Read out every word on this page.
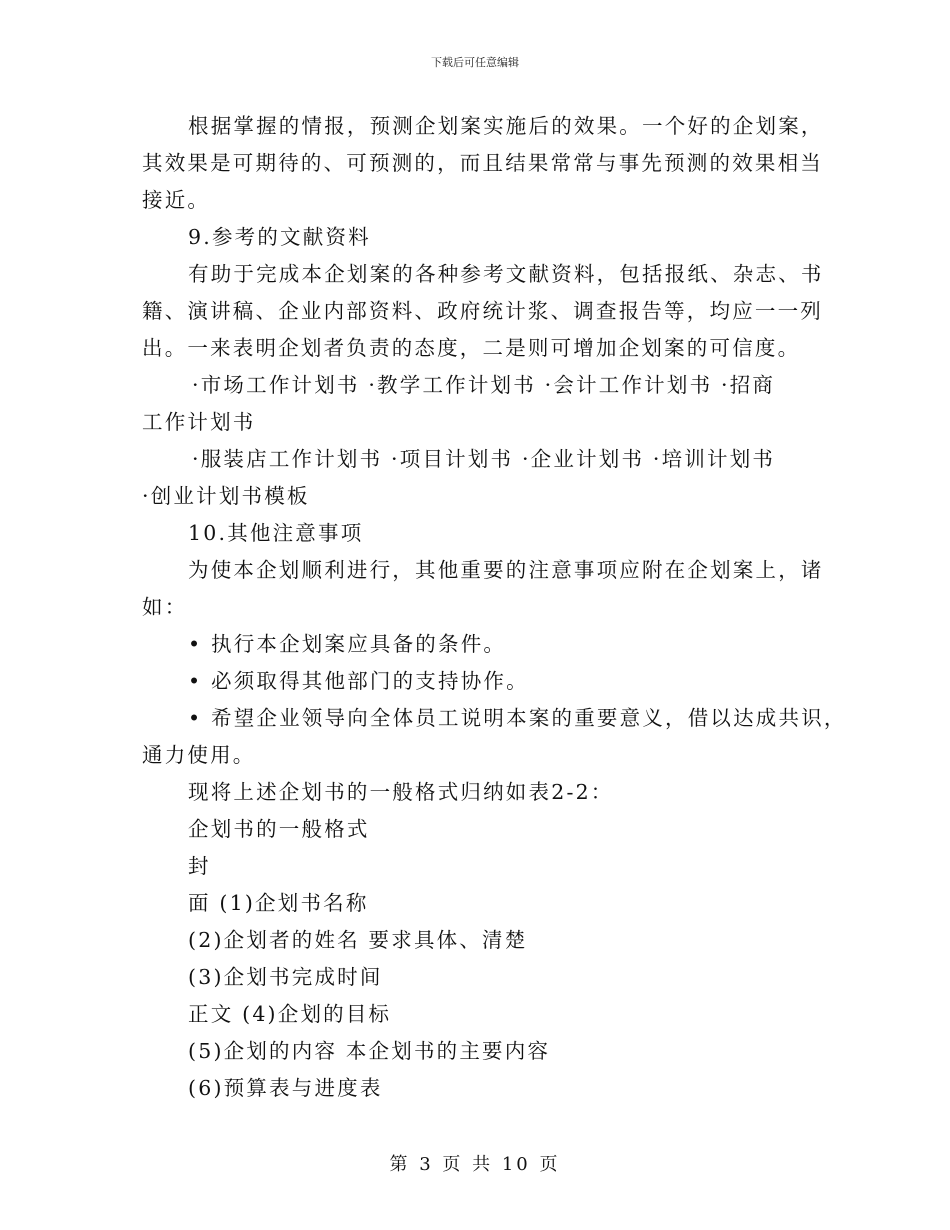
下载后可任意编辑
根据掌握的情报，预测企划案实施后的效果。一个好的企划案，
其效果是可期待的、可预测的，而且结果常常与事先预测的效果相当
接近。
9.参考的文献资料
有助于完成本企划案的各种参考文献资料，包括报纸、杂志、书
籍、演讲稿、企业内部资料、政府统计浆、调查报告等，均应一一列
出。一来表明企划者负责的态度，二是则可增加企划案的可信度。
·市场工作计划书 ·教学工作计划书 ·会计工作计划书 ·招商
工作计划书
·服装店工作计划书 ·项目计划书 ·企业计划书 ·培训计划书
·创业计划书模板
10.其他注意事项
为使本企划顺利进行，其他重要的注意事项应附在企划案上，诸
如：
• 执行本企划案应具备的条件。
• 必须取得其他部门的支持协作。
• 希望企业领导向全体员工说明本案的重要意义，借以达成共识，
通力使用。
现将上述企划书的一般格式归纳如表2-2：
企划书的一般格式
封
面 (1)企划书名称
(2)企划者的姓名 要求具体、清楚
(3)企划书完成时间
正文 (4)企划的目标
(5)企划的内容 本企划书的主要内容
(6)预算表与进度表
第 3 页 共 10 页
